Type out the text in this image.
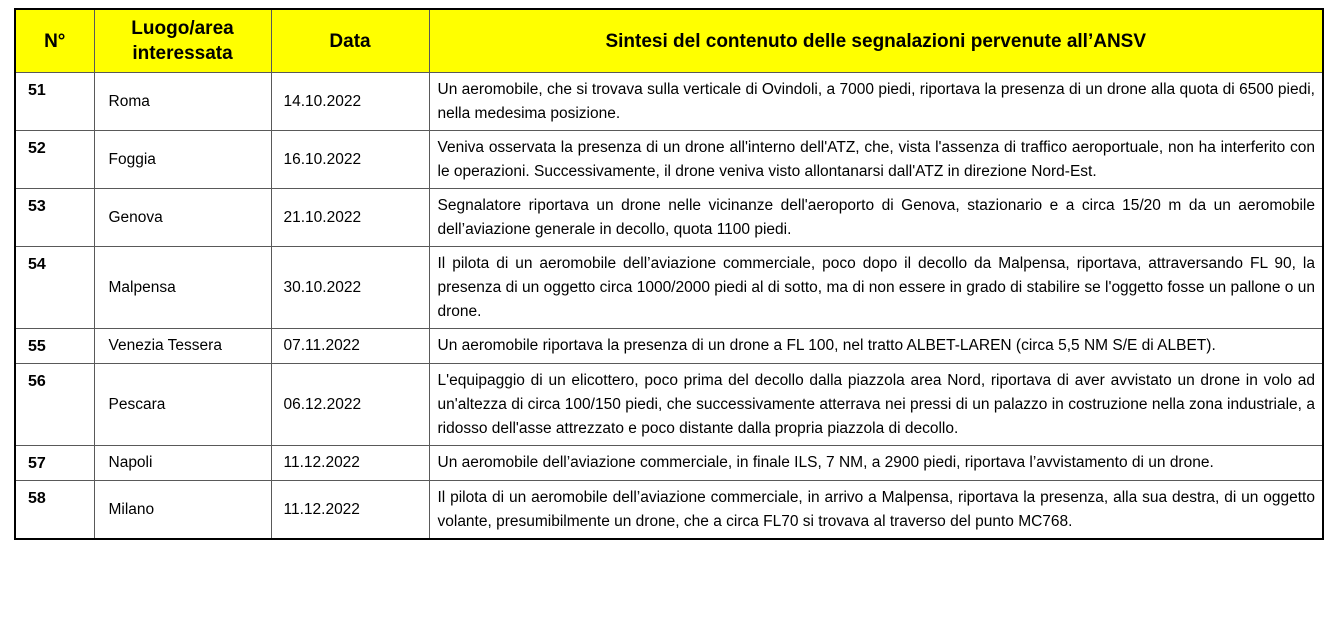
N°	Luogo/area interessata	Data	Sintesi del contenuto delle segnalazioni pervenute all’ANSV
51	Roma	14.10.2022	Un aeromobile, che si trovava sulla verticale di Ovindoli, a 7000 piedi, riportava la presenza di un drone alla quota di 6500 piedi, nella medesima posizione.
52	Foggia	16.10.2022	Veniva osservata la presenza di un drone all'interno dell'ATZ, che, vista l'assenza di traffico aeroportuale, non ha interferito con le operazioni. Successivamente, il drone veniva visto allontanarsi dall'ATZ in direzione Nord-Est.
53	Genova	21.10.2022	Segnalatore riportava un drone nelle vicinanze dell'aeroporto di Genova, stazionario e a circa 15/20 m da un aeromobile dell’aviazione generale in decollo, quota 1100 piedi.
54	Malpensa	30.10.2022	Il pilota di un aeromobile dell’aviazione commerciale, poco dopo il decollo da Malpensa, riportava, attraversando FL 90, la presenza di un oggetto circa 1000/2000 piedi al di sotto, ma di non essere in grado di stabilire se l'oggetto fosse un pallone o un drone.
55	Venezia Tessera	07.11.2022	Un aeromobile riportava la presenza di un drone a FL 100, nel tratto ALBET-LAREN (circa 5,5 NM S/E di ALBET).
56	Pescara	06.12.2022	L'equipaggio di un elicottero, poco prima del decollo dalla piazzola area Nord, riportava di aver avvistato un drone in volo ad un'altezza di circa 100/150 piedi, che successivamente atterrava nei pressi di un palazzo in costruzione nella zona industriale, a ridosso dell'asse attrezzato e poco distante dalla propria piazzola di decollo.
57	Napoli	11.12.2022	Un aeromobile dell’aviazione commerciale, in finale ILS, 7 NM, a 2900 piedi, riportava l’avvistamento di un drone.
58	Milano	11.12.2022	Il pilota di un aeromobile dell’aviazione commerciale, in arrivo a Malpensa, riportava la presenza, alla sua destra, di un oggetto volante, presumibilmente un drone, che a circa FL70 si trovava al traverso del punto MC768.
